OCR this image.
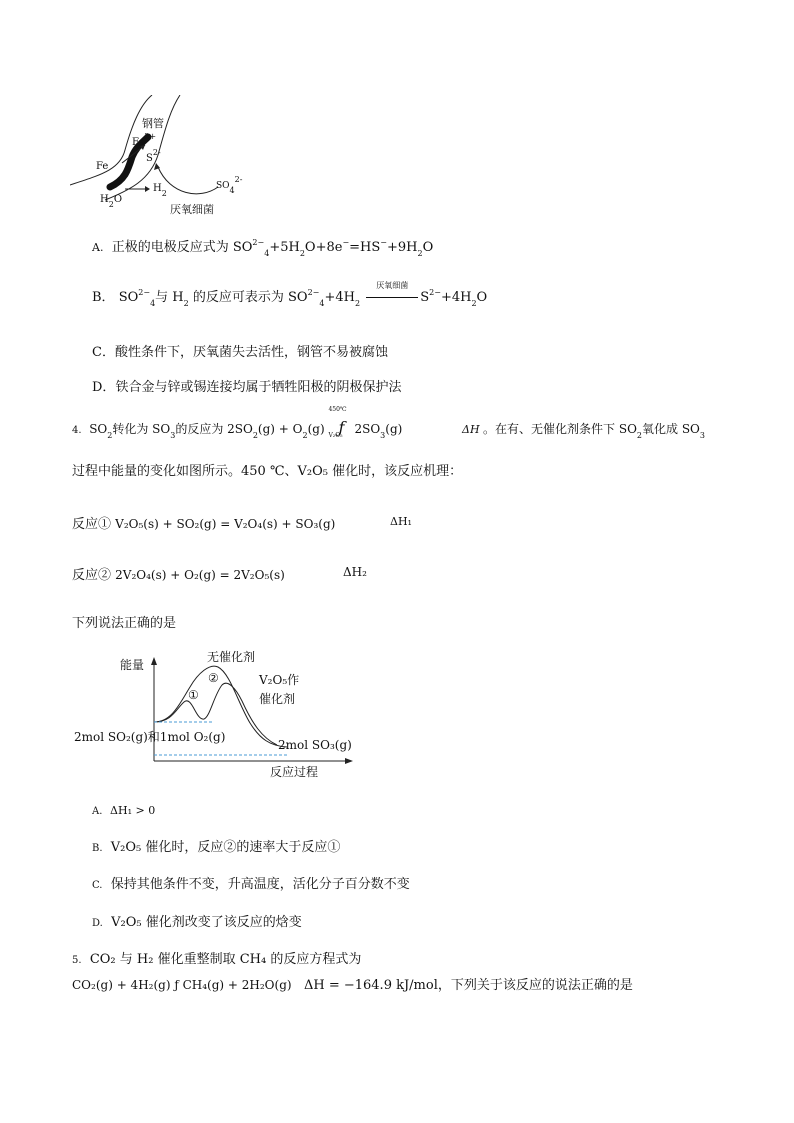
钢管
$Fe^{2+}$
$S^{2-}$
Fe
$H_2$
$H_2O$
SO42-
厌氧细菌
A. 正极的电极反应式为 $SO^{2-}_4+5H_2O+8e^-=HS^-+9H_2O$
B． $SO^{2-}_4$与 $H_2$ 的反应可表示为 $SO^{2-}_4+4H_2$
厌氧细菌
$S^{2-}+4H_2O$
C．酸性条件下，厌氧菌失去活性，钢管不易被腐蚀
D．铁合金与锌或锡连接均属于牺牲阳极的阴极保护法
4. $SO_2$转化为 $SO_3$的反应为 $2SO_2(g) + O_2(g)$
450℃
ƒ
V₂O₅ $2SO_3(g)$	ΔH 。在有、无催化剂条件下 $SO_2$氧化成 $SO_3$
过程中能量的变化如图所示。450 ℃、V₂O₅ 催化时，该反应机理：
反应① V₂O₅(s) + SO₂(g) = V₂O₄(s) + SO₃(g)	ΔH₁
反应② 2V₂O₄(s) + O₂(g) = 2V₂O₅(s)	ΔH₂
下列说法正确的是
能量
反应过程
无催化剂
V₂O₅作
催化剂
①
②
2mol SO₂(g)和1mol O₂(g)
2mol SO₃(g)
A. ΔH₁ > 0
B. V₂O₅ 催化时，反应②的速率大于反应①
C. 保持其他条件不变，升高温度，活化分子百分数不变
D. V₂O₅ 催化剂改变了该反应的焓变
5. CO₂ 与 H₂ 催化重整制取 CH₄ 的反应方程式为
CO₂(g) + 4H₂(g) ƒ CH₄(g) + 2H₂O(g) ΔH = −164.9 kJ/mol，下列关于该反应的说法正确的是
